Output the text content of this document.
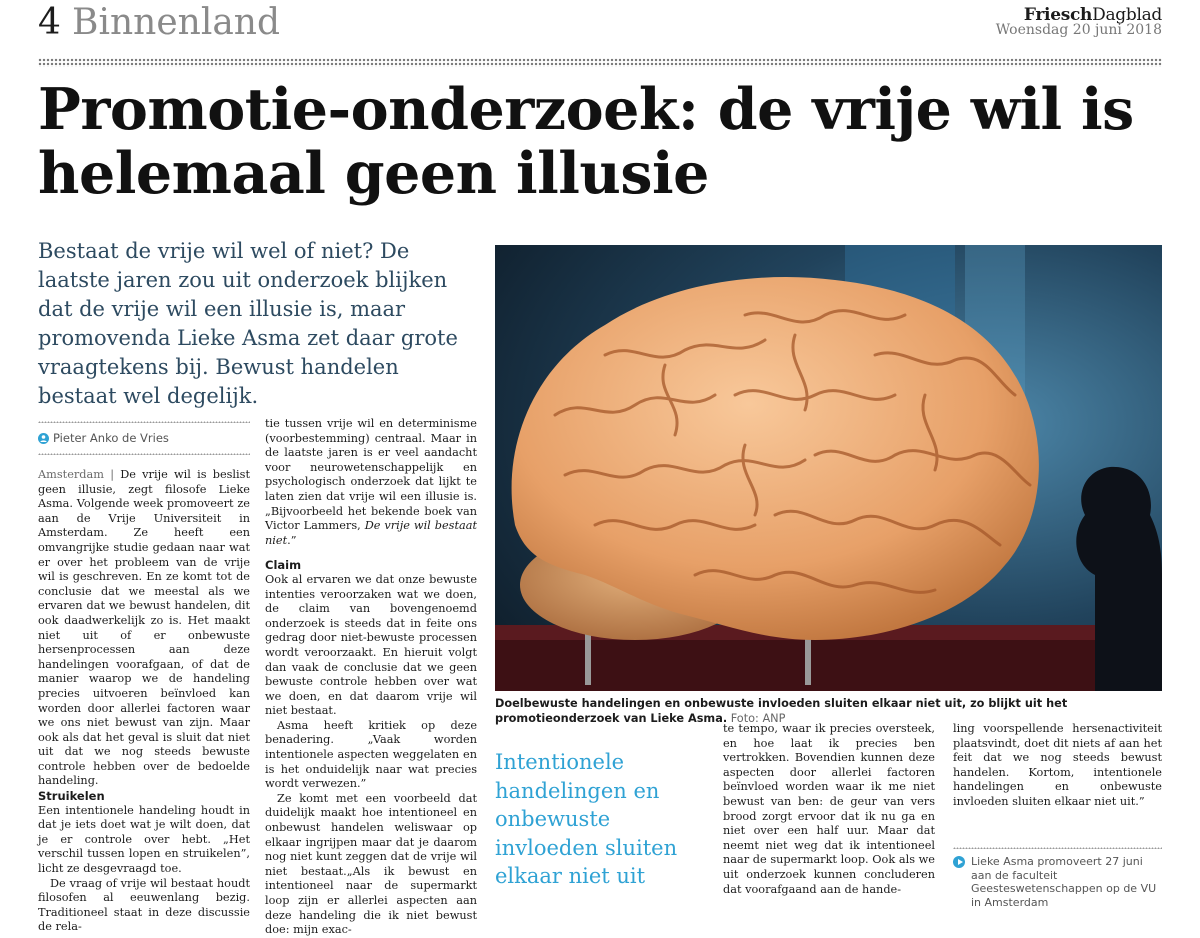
4 Binnenland	FrieschDagblad
Woensdag 20 juni 2018
Promotie-onderzoek: de vrije wil is helemaal geen illusie
Bestaat de vrije wil wel of niet? De laatste jaren zou uit onderzoek blijken dat de vrije wil een illusie is, maar promovenda Lieke Asma zet daar grote vraagtekens bij. Bewust handelen bestaat wel degelijk.
Doelbewuste handelingen en onbewuste invloeden sluiten elkaar niet uit, zo blijkt uit het promotieonderzoek van Lieke Asma. Foto: ANP
Pieter Anko de Vries

Amsterdam | De vrije wil is beslist geen illusie, zegt filosofe Lieke Asma. Volgende week promoveert ze aan de Vrije Universiteit in Amsterdam. Ze heeft een omvangrijke studie gedaan naar wat er over het probleem van de vrije wil is geschreven. En ze komt tot de conclusie dat we meestal als we ervaren dat we bewust handelen, dit ook daadwerkelijk zo is. Het maakt niet uit of er onbewuste hersenprocessen aan deze handelingen voorafgaan, of dat de manier waarop we de handeling precies uitvoeren beïnvloed kan worden door allerlei factoren waar we ons niet bewust van zijn. Maar ook als dat het geval is sluit dat niet uit dat we nog steeds bewuste controle hebben over de bedoelde handeling.

Struikelen

Een intentionele handeling houdt in dat je iets doet wat je wilt doen, dat je er controle over hebt. „Het verschil tussen lopen en struikelen”, licht ze desgevraagd toe.

De vraag of vrije wil bestaat houdt filosofen al eeuwenlang bezig. Traditioneel staat in deze discussie de rela-

tie tussen vrije wil en determinisme (voorbestemming) centraal. Maar in de laatste jaren is er veel aandacht voor neurowetenschappelijk en psychologisch onderzoek dat lijkt te laten zien dat vrije wil een illusie is. „Bijvoorbeeld het bekende boek van Victor Lammers, De vrije wil bestaat niet.”

Claim

Ook al ervaren we dat onze bewuste intenties veroorzaken wat we doen, de claim van bovengenoemd onderzoek is steeds dat in feite ons gedrag door niet-bewuste processen wordt veroorzaakt. En hieruit volgt dan vaak de conclusie dat we geen bewuste controle hebben over wat we doen, en dat daarom vrije wil niet bestaat.

Asma heeft kritiek op deze benadering. „Vaak worden intentionele aspecten weggelaten en is het onduidelijk naar wat precies wordt verwezen.”

Ze komt met een voorbeeld dat duidelijk maakt hoe intentioneel en onbewust handelen weliswaar op elkaar ingrijpen maar dat je daarom nog niet kunt zeggen dat de vrije wil niet bestaat.„Als ik bewust en intentioneel naar de supermarkt loop zijn er allerlei aspecten aan deze handeling die ik niet bewust doe: mijn exac-

Intentionele handelingen en onbewuste invloeden sluiten elkaar niet uit

te tempo, waar ik precies oversteek, en hoe laat ik precies ben vertrokken. Bovendien kunnen deze aspecten door allerlei factoren beïnvloed worden waar ik me niet bewust van ben: de geur van vers brood zorgt ervoor dat ik nu ga en niet over een half uur. Maar dat neemt niet weg dat ik intentioneel naar de supermarkt loop. Ook als we uit onderzoek kunnen concluderen dat voorafgaand aan de hande-

ling voorspellende hersenactiviteit plaatsvindt, doet dit niets af aan het feit dat we nog steeds bewust handelen. Kortom, intentionele handelingen en onbewuste invloeden sluiten elkaar niet uit.”

Lieke Asma promoveert 27 juni aan de faculteit Geesteswetenschappen op de VU in Amsterdam
